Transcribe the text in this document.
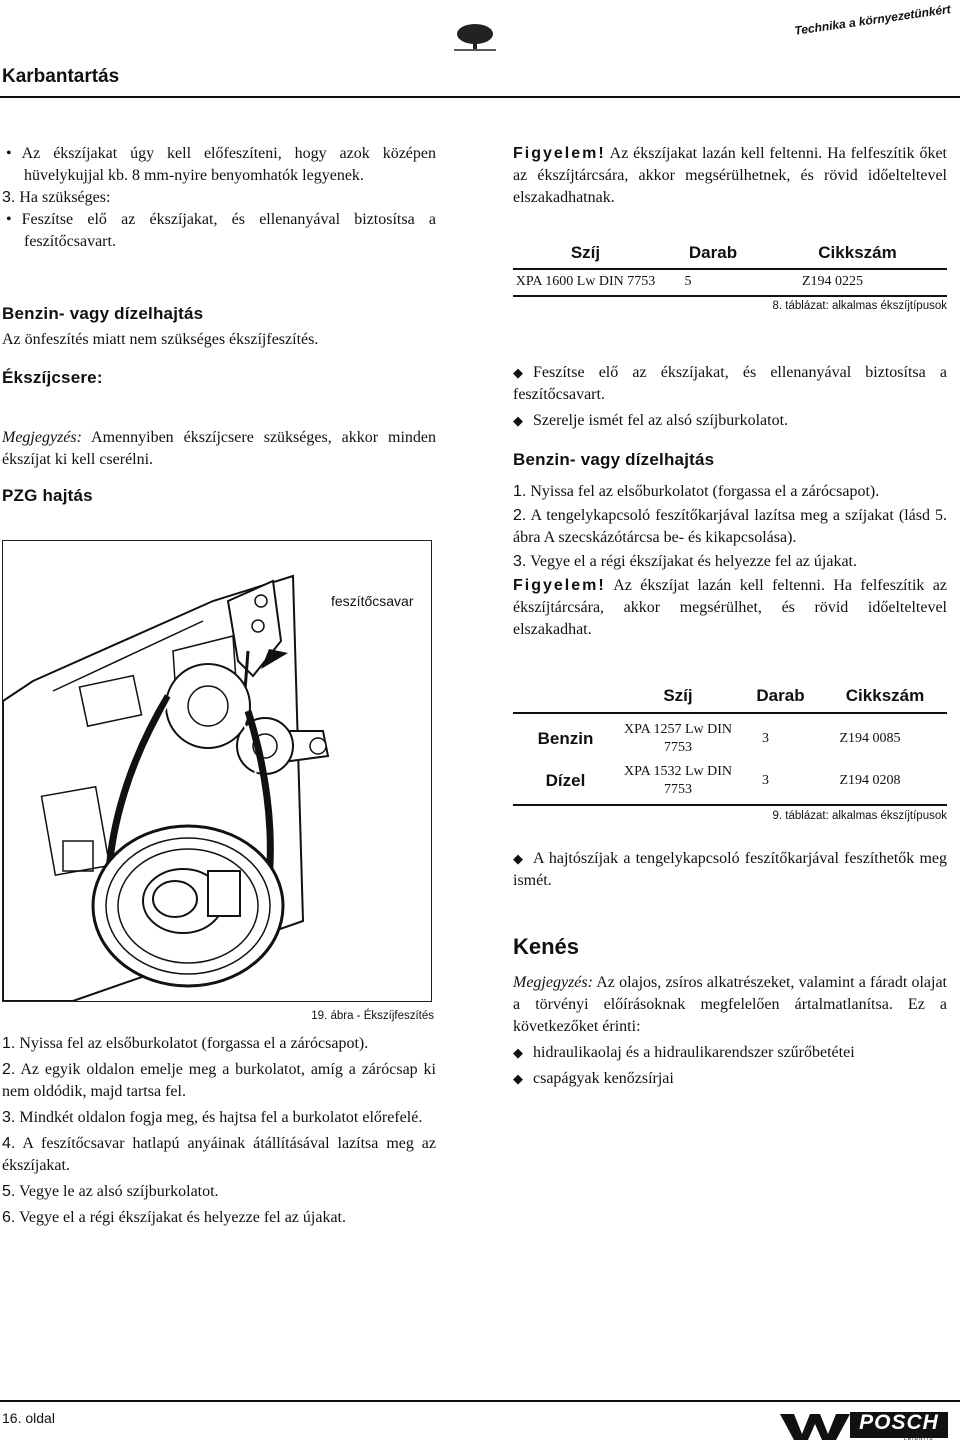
Technika a környezetünkért
Karbantartás

• Az ékszíjakat úgy kell előfeszíteni, hogy azok középen hüvelykujjal kb. 8 mm-nyire benyomhatók legyenek.

3. Ha szükséges:

• Feszítse elő az ékszíjakat, és ellenanyával biztosítsa a feszítőcsavart.

Benzin- vagy dízelhajtás
Az önfeszítés miatt nem szükséges ékszíjfeszítés.
Ékszíjcsere:

Megjegyzés: Amennyiben ékszíjcsere szükséges, akkor minden ékszíjat ki kell cserélni.

PZG hajtás
feszítőcsavar
19. ábra - Ékszíjfeszítés

1. Nyissa fel az elsőburkolatot (forgassa el a zárócsapot).

2. Az egyik oldalon emelje meg a burkolatot, amíg a zárócsap ki nem oldódik, majd tartsa fel.

3. Mindkét oldalon fogja meg, és hajtsa fel a burkolatot előrefelé.

4. A feszítőcsavar hatlapú anyáinak átállításával lazítsa meg az ékszíjakat.

5. Vegye le az alsó szíjburkolatot.

6. Vegye el a régi ékszíjakat és helyezze fel az újakat.

Figyelem! Az ékszíjakat lazán kell feltenni. Ha felfeszítik őket az ékszíjtárcsára, akkor megsérülhetnek, és rövid időelteltevel elszakadhatnak.

Szíj	Darab	Cikkszám
XPA 1600 Lw DIN 7753	5	Z194 0225
8. táblázat: alkalmas ékszíjtípusok

◆ Feszítse elő az ékszíjakat, és ellenanyával biztosítsa a feszítőcsavart.

◆ Szerelje ismét fel az alsó szíjburkolatot.

Benzin- vagy dízelhajtás

1. Nyissa fel az elsőburkolatot (forgassa el a zárócsapot).

2. A tengelykapcsoló feszítőkarjával lazítsa meg a szíjakat (lásd 5. ábra A szecskázótárcsa be- és kikapcsolása).

3. Vegye el a régi ékszíjakat és helyezze fel az újakat.

Figyelem! Az ékszíjat lazán kell feltenni. Ha felfeszítik az ékszíjtárcsára, akkor megsérülhet, és rövid időelteltevel elszakadhat.

	Szíj	Darab	Cikkszám
Benzin	XPA 1257 Lw DIN 7753	3	Z194 0085
Dízel	XPA 1532 Lw DIN 7753	3	Z194 0208
9. táblázat: alkalmas ékszíjtípusok

◆ A hajtószíjak a tengelykapcsoló feszítőkarjával feszíthetők meg ismét.

Kenés

Megjegyzés: Az olajos, zsíros alkatrészeket, valamint a fáradt olajat a törvényi előírásoknak megfelelően ártalmatlanítsa. Ez a következőket érinti:

◆ hidraulikaolaj és a hidraulikarendszer szűrőbetétei

◆ csapágyak kenőzsírjai

16. oldal	POSCH
LEIBNITZ
